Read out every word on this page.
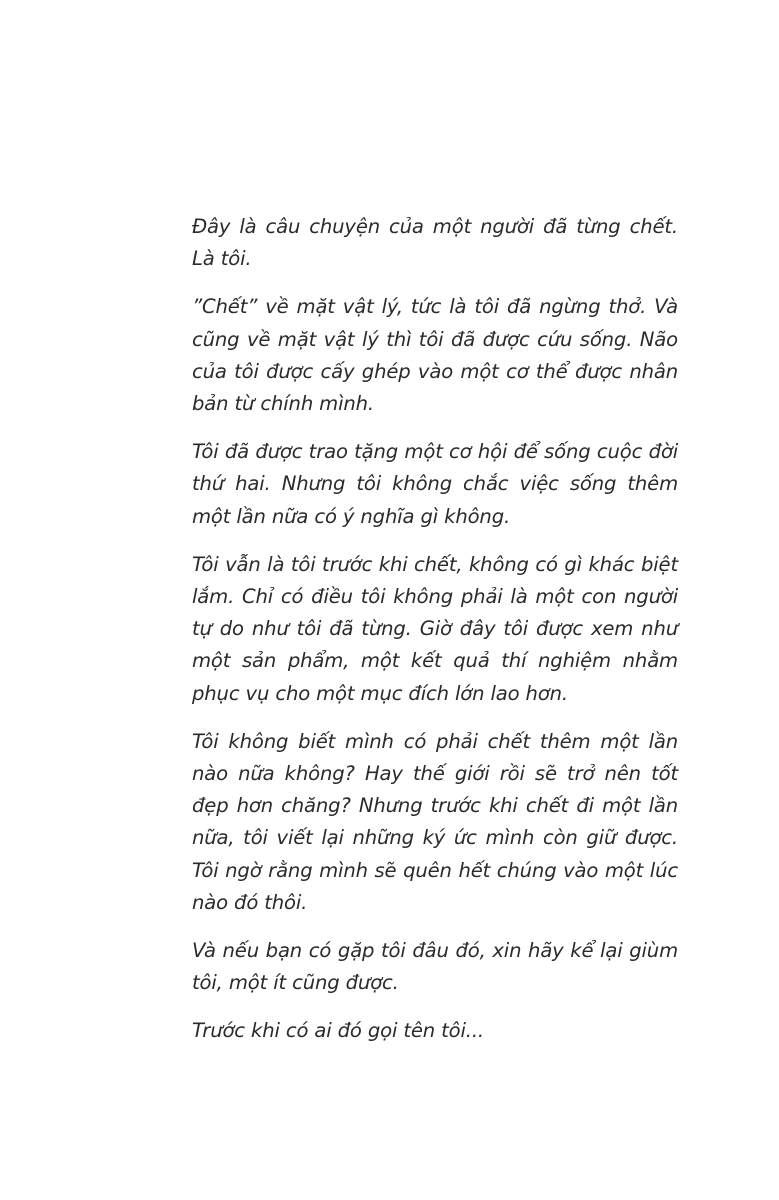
Đây là câu chuyện của một người đã từng chết. Là tôi.

”Chết” về mặt vật lý, tức là tôi đã ngừng thở. Và cũng về mặt vật lý thì tôi đã được cứu sống. Não của tôi được cấy ghép vào một cơ thể được nhân bản từ chính mình.

Tôi đã được trao tặng một cơ hội để sống cuộc đời thứ hai. Nhưng tôi không chắc việc sống thêm một lần nữa có ý nghĩa gì không.

Tôi vẫn là tôi trước khi chết, không có gì khác biệt lắm. Chỉ có điều tôi không phải là một con người tự do như tôi đã từng. Giờ đây tôi được xem như một sản phẩm, một kết quả thí nghiệm nhằm phục vụ cho một mục đích lớn lao hơn.

Tôi không biết mình có phải chết thêm một lần nào nữa không? Hay thế giới rồi sẽ trở nên tốt đẹp hơn chăng? Nhưng trước khi chết đi một lần nữa, tôi viết lại những ký ức mình còn giữ được. Tôi ngờ rằng mình sẽ quên hết chúng vào một lúc nào đó thôi.

Và nếu bạn có gặp tôi đâu đó, xin hãy kể lại giùm tôi, một ít cũng được.

Trước khi có ai đó gọi tên tôi...
